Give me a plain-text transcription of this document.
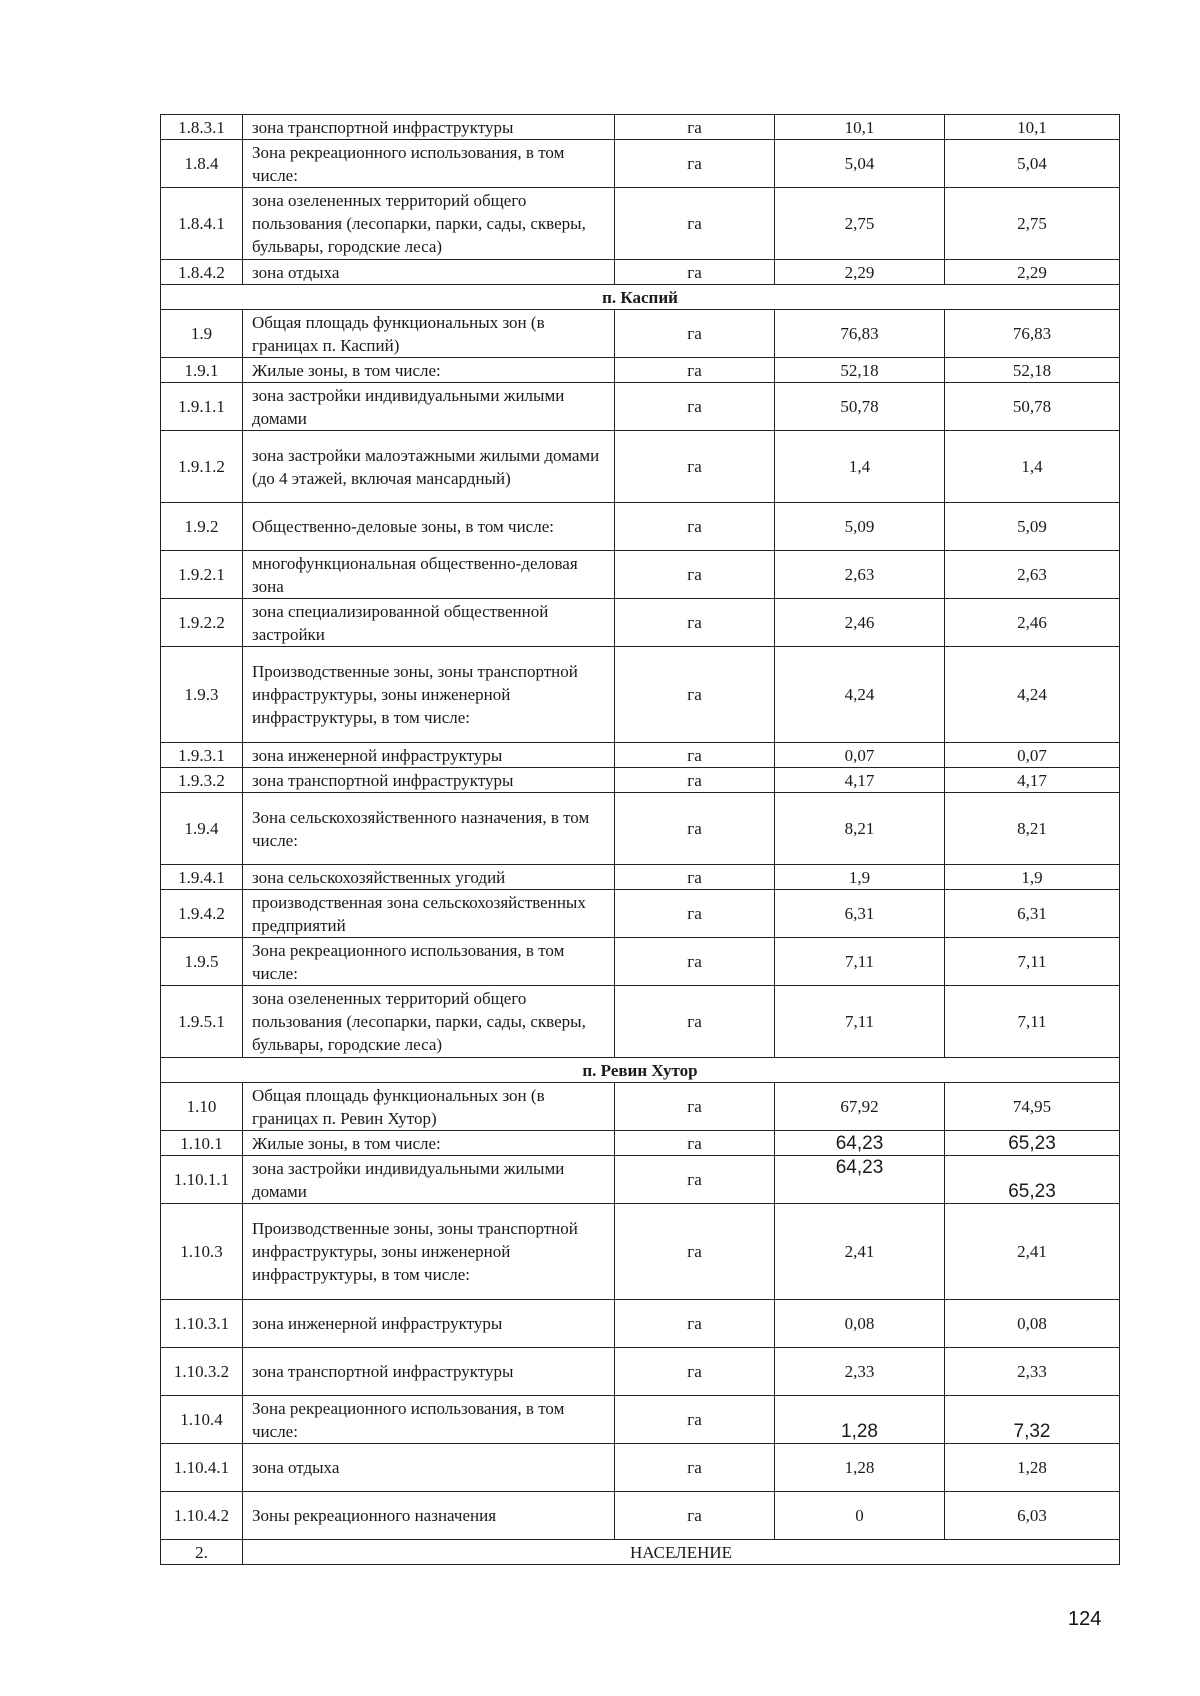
1.8.3.1	зона транспортной инфраструктуры	га	10,1	10,1
1.8.4	Зона рекреационного использования, в том числе:	га	5,04	5,04
1.8.4.1	зона озелененных территорий общего пользования (лесопарки, парки, сады, скверы, бульвары, городские леса)	га	2,75	2,75
1.8.4.2	зона отдыха	га	2,29	2,29
п. Каспий				
1.9	Общая площадь функциональных зон (в границах п. Каспий)	га	76,83	76,83
1.9.1	Жилые зоны, в том числе:	га	52,18	52,18
1.9.1.1	зона застройки индивидуальными жилыми домами	га	50,78	50,78
1.9.1.2	зона застройки малоэтажными жилыми домами (до 4 этажей, включая мансардный)	га	1,4	1,4
1.9.2	Общественно-деловые зоны, в том числе:	га	5,09	5,09
1.9.2.1	многофункциональная общественно-деловая зона	га	2,63	2,63
1.9.2.2	зона специализированной общественной застройки	га	2,46	2,46
1.9.3	Производственные зоны, зоны транспортной инфраструктуры, зоны инженерной инфраструктуры, в том числе:	га	4,24	4,24
1.9.3.1	зона инженерной инфраструктуры	га	0,07	0,07
1.9.3.2	зона транспортной инфраструктуры	га	4,17	4,17
1.9.4	Зона сельскохозяйственного назначения, в том числе:	га	8,21	8,21
1.9.4.1	зона сельскохозяйственных угодий	га	1,9	1,9
1.9.4.2	производственная зона сельскохозяйственных предприятий	га	6,31	6,31
1.9.5	Зона рекреационного использования, в том числе:	га	7,11	7,11
1.9.5.1	зона озелененных территорий общего пользования (лесопарки, парки, сады, скверы, бульвары, городские леса)	га	7,11	7,11
п. Ревин Хутор				
1.10	Общая площадь функциональных зон (в границах п. Ревин Хутор)	га	67,92	74,95
1.10.1	Жилые зоны, в том числе:	га	64,23	65,23
1.10.1.1	зона застройки индивидуальными жилыми домами	га	64,23	65,23
1.10.3	Производственные зоны, зоны транспортной инфраструктуры, зоны инженерной инфраструктуры, в том числе:	га	2,41	2,41
1.10.3.1	зона инженерной инфраструктуры	га	0,08	0,08
1.10.3.2	зона транспортной инфраструктуры	га	2,33	2,33
1.10.4	Зона рекреационного использования, в том числе:	га	1,28	7,32
1.10.4.1	зона отдыха	га	1,28	1,28
1.10.4.2	Зоны рекреационного назначения	га	0	6,03
2.	НАСЕЛЕНИЕ			
124
